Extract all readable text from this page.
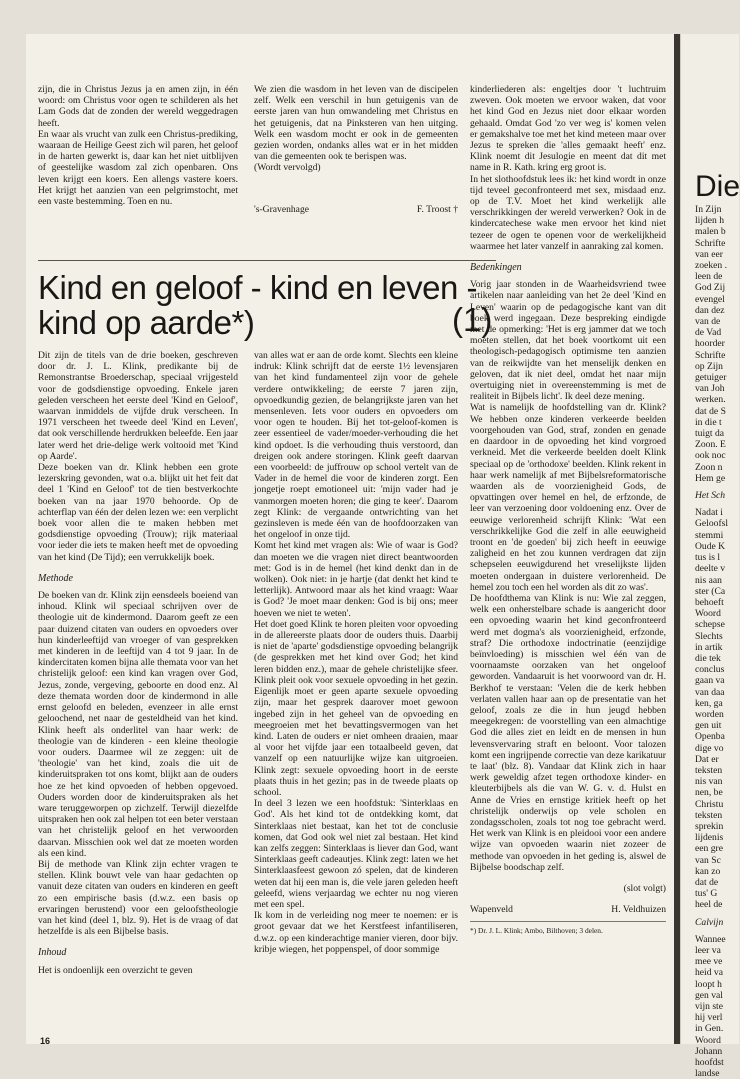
zijn, die in Christus Jezus ja en amen zijn, in één woord: om Christus voor ogen te schilderen als het Lam Gods dat de zonden der wereld weggedragen heeft.

En waar als vrucht van zulk een Christus-prediking, waaraan de Heilige Geest zich wil paren, het geloof in de harten gewerkt is, daar kan het niet uitblijven of geestelijke wasdom zal zich openbaren. Ons leven krijgt een koers. Een allengs vastere koers. Het krijgt het aanzien van een pelgrimstocht, met een vaste bestemming. Toen en nu.

We zien die wasdom in het leven van de discipelen zelf. Welk een verschil in hun getuigenis van de eerste jaren van hun omwandeling met Christus en het getuigenis, dat na Pinksteren van hen uitging. Welk een wasdom mocht er ook in de gemeenten gezien worden, ondanks alles wat er in het midden van die gemeenten ook te berispen was.

(Wordt vervolgd)

's-Gravenhage	F. Troost †
Kind en geloof - kind en leven - kind op aarde*)	(1)

Dit zijn de titels van de drie boeken, geschreven door dr. J. L. Klink, predikante bij de Remonstrantse Broederschap, speciaal vrijgesteld voor de godsdienstige opvoeding. Enkele jaren geleden verscheen het eerste deel 'Kind en Geloof', waarvan inmiddels de vijfde druk verscheen. In 1971 verscheen het tweede deel 'Kind en Leven', dat ook verschillende herdrukken beleefde. Een jaar later werd het drie-delige werk voltooid met 'Kind op Aarde'.

Deze boeken van dr. Klink hebben een grote lezerskring gevonden, wat o.a. blijkt uit het feit dat deel 1 'Kind en Geloof' tot de tien bestverkochte boeken van na jaar 1970 behoorde. Op de achterflap van één der delen lezen we: een verplicht boek voor allen die te maken hebben met godsdienstige opvoeding (Trouw); rijk materiaal voor ieder die iets te maken heeft met de opvoeding van het kind (De Tijd); een verrukkelijk boek.

Methode

De boeken van dr. Klink zijn eensdeels boeiend van inhoud. Klink wil speciaal schrijven over de theologie uit de kindermond. Daarom geeft ze een paar duizend citaten van ouders en opvoeders over hun kinderleeftijd van vroeger of van gesprekken met kinderen in de leeftijd van 4 tot 9 jaar. In de kindercitaten komen bijna alle themata voor van het christelijk geloof: een kind kan vragen over God, Jezus, zonde, vergeving, geboorte en dood enz. Al deze themata worden door de kindermond in alle ernst geloofd en beleden, evenzeer in alle ernst geloochend, net naar de gesteldheid van het kind. Klink heeft als onderlitel van haar werk: de theologie van de kinderen - een kleine theologie voor ouders. Daarmee wil ze zeggen: uit de 'theologie' van het kind, zoals die uit de kinderuitspraken tot ons komt, blijkt aan de ouders hoe ze het kind opvoeden of hebben opgevoed. Ouders worden door de kinderuitspraken als het ware teruggeworpen op zichzelf. Terwijl diezelfde uitspraken hen ook zal helpen tot een beter verstaan van het christelijk geloof en het verwoorden daarvan. Misschien ook wel dat ze moeten worden als een kind.

Bij de methode van Klink zijn echter vragen te stellen. Klink bouwt vele van haar gedachten op vanuit deze citaten van ouders en kinderen en geeft zo een empirische basis (d.w.z. een basis op ervaringen berustend) voor een geloofstheologie van het kind (deel 1, blz. 9). Het is de vraag of dat hetzelfde is als een Bijbelse basis.

Inhoud

Het is ondoenlijk een overzicht te geven

van alles wat er aan de orde komt. Slechts een kleine indruk: Klink schrijft dat de eerste 1½ levensjaren van het kind fundamenteel zijn voor de gehele verdere ontwikkeling; de eerste 7 jaren zijn, opvoedkundig gezien, de belangrijkste jaren van het mensenleven. Iets voor ouders en opvoeders om voor ogen te houden. Bij het tot-geloof-komen is zeer essentieel de vader/moeder-verhouding die het kind opdoet. Is die verhouding thuis verstoord, dan dreigen ook andere storingen. Klink geeft daarvan een voorbeeld: de juffrouw op school vertelt van de Vader in de hemel die voor de kinderen zorgt. Een jongetje roept emotioneel uit: 'mijn vader had je vanmorgen moeten horen; die ging te keer'. Daarom zegt Klink: de vergaande ontwrichting van het gezinsleven is mede één van de hoofdoorzaken van het ongeloof in onze tijd.

Komt het kind met vragen als: Wie of waar is God? dan moeten we die vragen niet direct beantwoorden met: God is in de hemel (het kind denkt dan in de wolken). Ook niet: in je hartje (dat denkt het kind te letterlijk). Antwoord maar als het kind vraagt: Waar is God? 'Je moet maar denken: God is bij ons; meer hoeven we niet te weten'.

Het doet goed Klink te horen pleiten voor opvoeding in de allereerste plaats door de ouders thuis. Daarbij is niet de 'aparte' godsdienstige opvoeding belangrijk (de gesprekken met het kind over God; het kind leren bidden enz.), maar de gehele christelijke sfeer. Klink pleit ook voor sexuele opvoeding in het gezin. Eigenlijk moet er geen aparte sexuele opvoeding zijn, maar het gesprek daarover moet gewoon ingebed zijn in het geheel van de opvoeding en meegroeien met het bevattingsvermogen van het kind. Laten de ouders er niet omheen draaien, maar al voor het vijfde jaar een totaalbeeld geven, dat vanzelf op een natuurlijke wijze kan uitgroeien. Klink zegt: sexuele opvoeding hoort in de eerste plaats thuis in het gezin; pas in de tweede plaats op school.

In deel 3 lezen we een hoofdstuk: 'Sinterklaas en God'. Als het kind tot de ontdekking komt, dat Sinterklaas niet bestaat, kan het tot de conclusie komen, dat God ook wel niet zal bestaan. Het kind kan zelfs zeggen: Sinterklaas is liever dan God, want Sinterklaas geeft cadeautjes. Klink zegt: laten we het Sinterklaasfeest gewoon zó spelen, dat de kinderen weten dat hij een man is, die vele jaren geleden heeft geleefd, wiens verjaardag we echter nu nog vieren met een spel.

Ik kom in de verleiding nog meer te noemen: er is groot gevaar dat we het Kerstfeest infantiliseren, d.w.z. op een kinderachtige manier vieren, door bijv. kribje wiegen, het poppenspel, of door sommige

kinderliederen als: engeltjes door 't luchtruim zweven. Ook moeten we ervoor waken, dat voor het kind God en Jezus niet door elkaar worden gehaald. Omdat God 'zo ver weg is' komen velen er gemakshalve toe met het kind meteen maar over Jezus te spreken die 'alles gemaakt heeft' enz. Klink noemt dit Jesulogie en meent dat dit met name in R. Kath. kring erg groot is.

In het slothoofdstuk lees ik: het kind wordt in onze tijd teveel geconfronteerd met sex, misdaad enz. op de T.V. Moet het kind werkelijk alle verschrikkingen der wereld verwerken? Ook in de kindercatechese wake men ervoor het kind niet tezeer de ogen te openen voor de werkelijkheid waarmee het later vanzelf in aanraking zal komen.

Bedenkingen

Vorig jaar stonden in de Waarheidsvriend twee artikelen naar aanleiding van het 2e deel 'Kind en Leven' waarin op de pedagogische kant van dit boek werd ingegaan. Deze bespreking eindigde met de opmerking: 'Het is erg jammer dat we toch moeten stellen, dat het boek voortkomt uit een theologisch-pedagogisch optimisme ten aanzien van de reikwijdte van het menselijk denken en geloven, dat ik niet deel, omdat het naar mijn overtuiging niet in overeenstemming is met de realiteit in Bijbels licht'. Ik deel deze mening.

Wat is namelijk de hoofdstelling van dr. Klink? We hebben onze kinderen verkeerde beelden voorgehouden van God, straf, zonden en genade en daardoor in de opvoeding het kind vorgroed verkneid. Met die verkeerde beelden doelt Klink speciaal op de 'orthodoxe' beelden. Klink rekent in haar werk namelijk af met Bijbelsreformatorische waarden als de voorzienigheid Gods, de opvattingen over hemel en hel, de erfzonde, de leer van verzoening door voldoening enz. Over de eeuwige verlorenheid schrijft Klink: 'Wat een verschrikkelijke God die zelf in alle eeuwigheid troont en 'de goeden' bij zich heeft in eeuwige zaligheid en het zou kunnen verdragen dat zijn schepselen eeuwigdurend het vreselijkste lijden moeten ondergaan in duistere verlorenheid. De hemel zou toch een hel worden als dit zo was'.

De hoofdthema van Klink is nu: Wie zal zeggen, welk een onherstelbare schade is aangericht door een opvoeding waarin het kind geconfronteerd werd met dogma's als voorzienigheid, erfzonde, straf? Die orthodoxe indoctrinatie (eenzijdige beïnvloeding) is misschien wel één van de voornaamste oorzaken van het ongeloof geworden. Vandaaruit is het voorwoord van dr. H. Berkhof te verstaan: 'Velen die de kerk hebben verlaten vallen haar aan op de presentatie van het geloof, zoals ze die in hun jeugd hebben meegekregen: de voorstelling van een almachtige God die alles ziet en leidt en de mensen in hun levensvervaring straft en beloont. Voor talozen komt een ingrijpende correctie van deze karikatuur te laat' (blz. 8). Vandaar dat Klink zich in haar werk geweldig afzet tegen orthodoxe kinder- en kleuterbijbels als die van W. G. v. d. Hulst en Anne de Vries en ernstige kritiek heeft op het christelijk onderwijs op vele scholen en zondagsscholen, zoals tot nog toe gebracht werd. Het werk van Klink is en pleidooi voor een andere wijze van opvoeden waarin niet zozeer de methode van opvoeden in het geding is, alswel de Bijbelse boodschap zelf.

(slot volgt)

Wapenveld	H. Veldhuizen
*) Dr. J. L. Klink; Ambo, Bilthoven; 3 delen.
16
Die
In Zijn
lijden h
malen b
Schrifte
van eer
zoeken .
leen de
God Zij
evengel
dan dez
van de
de Vad
hoorder
Schrifte
op Zijn
getuiger
van Joh
werken.
dat de S
in die t
tuigt da
Zoon. E
ook noc
Zoon n
Hem ge
Het Sch
Nadat i
Geloofsl
stemmi
Oude K
tus is l
deelte v
nis aan
ster (Ca
behoeft
Woord
schepse
Slechts
in artik
die tek
conclus
gaan va
van daa
ken, ga
worden
gen uit
Openba
dige vo
Dat er
teksten
nis van
nen, be
Christu
teksten
sprekin
lijdenis
een gre
van Sc
kan zo
dat de
tus' G
heel de
Calvijn
Wannee
leer va
mee ve
heid va
loopt h
gen val
vijn ste
hij verl
in Gen.
Woord
Johann
hoofdst
landse
